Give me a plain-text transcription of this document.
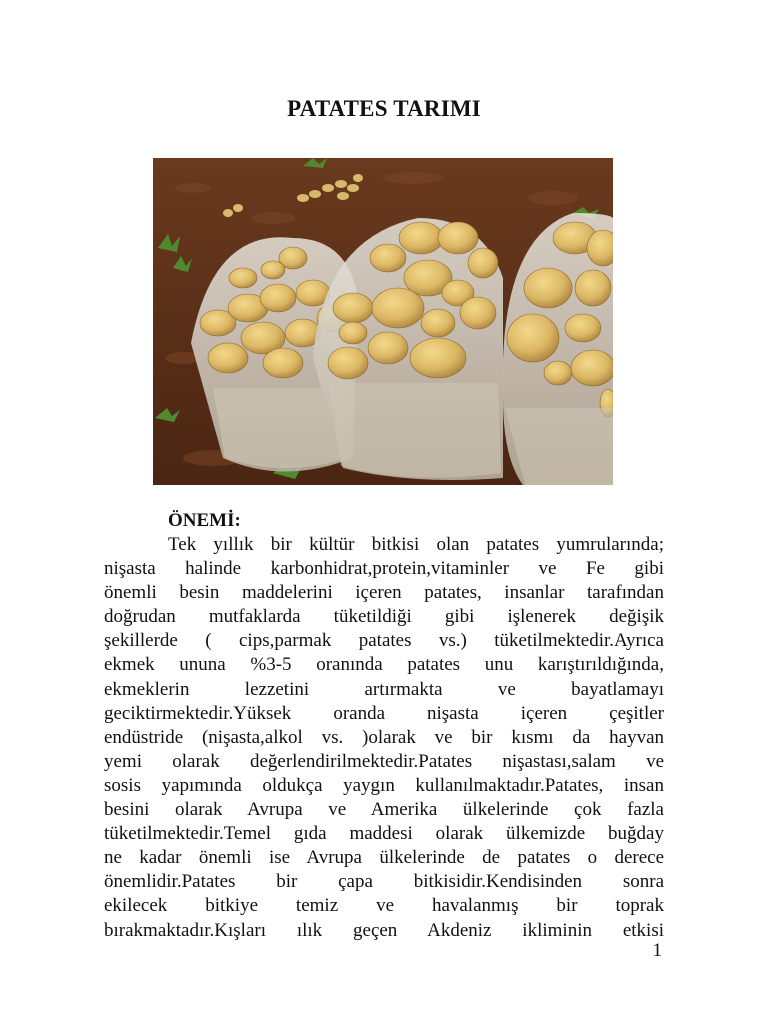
PATATES TARIMI
ÖNEMİ:
Tek yıllık bir kültür bitkisi olan patates yumrularında;
nişasta halinde karbonhidrat,protein,vitaminler ve Fe gibi
önemli besin maddelerini içeren patates, insanlar tarafından
doğrudan mutfaklarda tüketildiği gibi işlenerek değişik
şekillerde ( cips,parmak patates vs.) tüketilmektedir.Ayrıca
ekmek ununa %3-5 oranında patates unu karıştırıldığında,
ekmeklerin lezzetini artırmakta ve bayatlamayı
geciktirmektedir.Yüksek oranda nişasta içeren çeşitler
endüstride (nişasta,alkol vs. )olarak ve bir kısmı da hayvan
yemi olarak değerlendirilmektedir.Patates nişastası,salam ve
sosis yapımında oldukça yaygın kullanılmaktadır.Patates, insan
besini olarak Avrupa ve Amerika ülkelerinde çok fazla
tüketilmektedir.Temel gıda maddesi olarak ülkemizde buğday
ne kadar önemli ise Avrupa ülkelerinde de patates o derece
önemlidir.Patates bir çapa bitkisidir.Kendisinden sonra
ekilecek bitkiye temiz ve havalanmış bir toprak
bırakmaktadır.Kışları ılık geçen Akdeniz ikliminin etkisi
1
